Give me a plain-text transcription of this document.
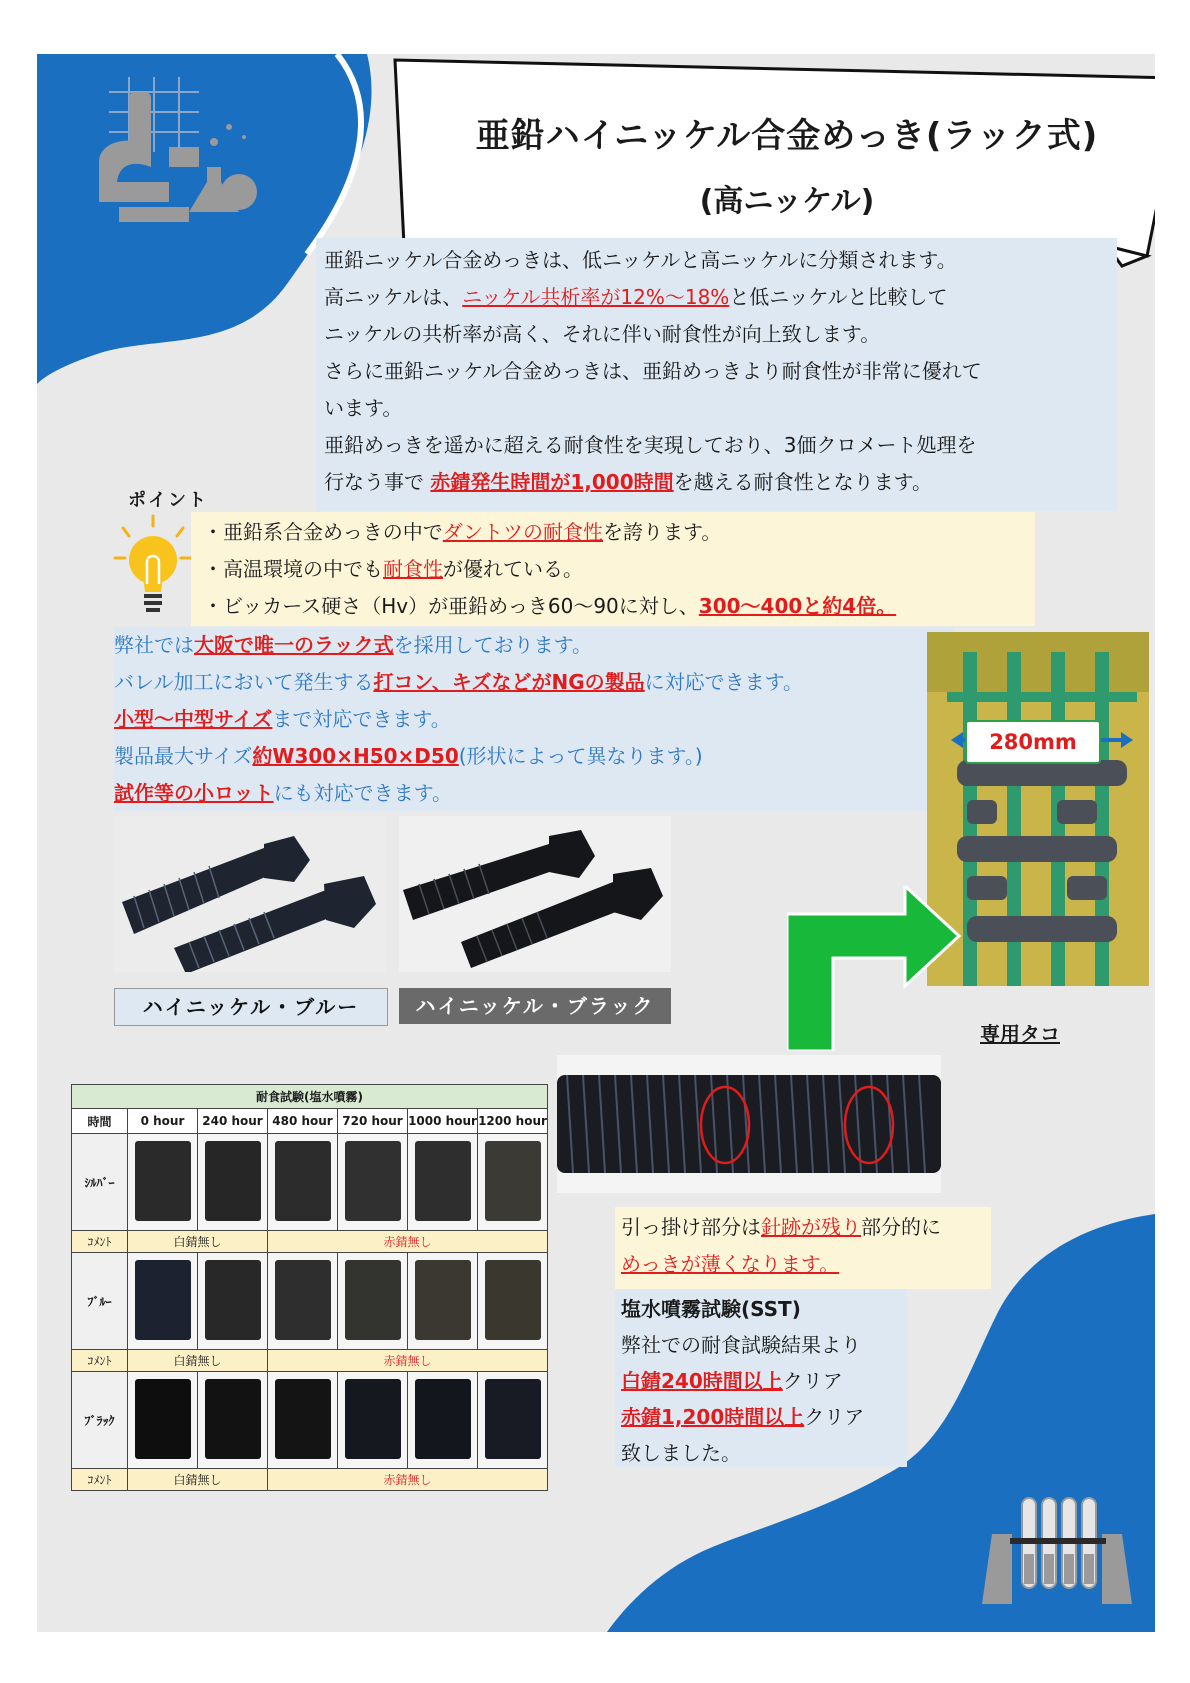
亜鉛ハイニッケル合金めっき(ラック式)
(高ニッケル)
亜鉛ニッケル合金めっきは、低ニッケルと高ニッケルに分類されます。
高ニッケルは、ニッケル共析率が12%～18%と低ニッケルと比較して
ニッケルの共析率が高く、それに伴い耐食性が向上致します。
さらに亜鉛ニッケル合金めっきは、亜鉛めっきより耐食性が非常に優れて
います。
亜鉛めっきを遥かに超える耐食性を実現しており、3価クロメート処理を
行なう事で 赤錆発生時間が1,000時間を越える耐食性となります。
ポイント
・亜鉛系合金めっきの中でダントツの耐食性を誇ります。
・高温環境の中でも耐食性が優れている。
・ビッカース硬さ（Hv）が亜鉛めっき60～90に対し、300～400と約4倍。
弊社では大阪で唯一のラック式を採用しております。
バレル加工において発生する打コン、キズなどがNGの製品に対応できます。
小型～中型サイズまで対応できます。
製品最大サイズ約W300×H50×D50(形状によって異なります。)
試作等の小ロットにも対応できます。
ハイニッケル・ブルー	ハイニッケル・ブラック
280mm
専用タコ
耐食試験(塩水噴霧)						
時間	0 hour	240 hour	480 hour	720 hour	1000 hour	1200 hour
ｼﾙﾊﾞｰ						
ｺﾒﾝﾄ	白錆無し		赤錆無し			
ﾌﾞﾙｰ						
ｺﾒﾝﾄ	白錆無し		赤錆無し			
ﾌﾞﾗｯｸ						
ｺﾒﾝﾄ	白錆無し		赤錆無し			
引っ掛け部分は針跡が残り部分的に
めっきが薄くなります。
塩水噴霧試験(SST)
弊社での耐食試験結果より
白錆240時間以上クリア
赤錆1,200時間以上クリア
致しました。
